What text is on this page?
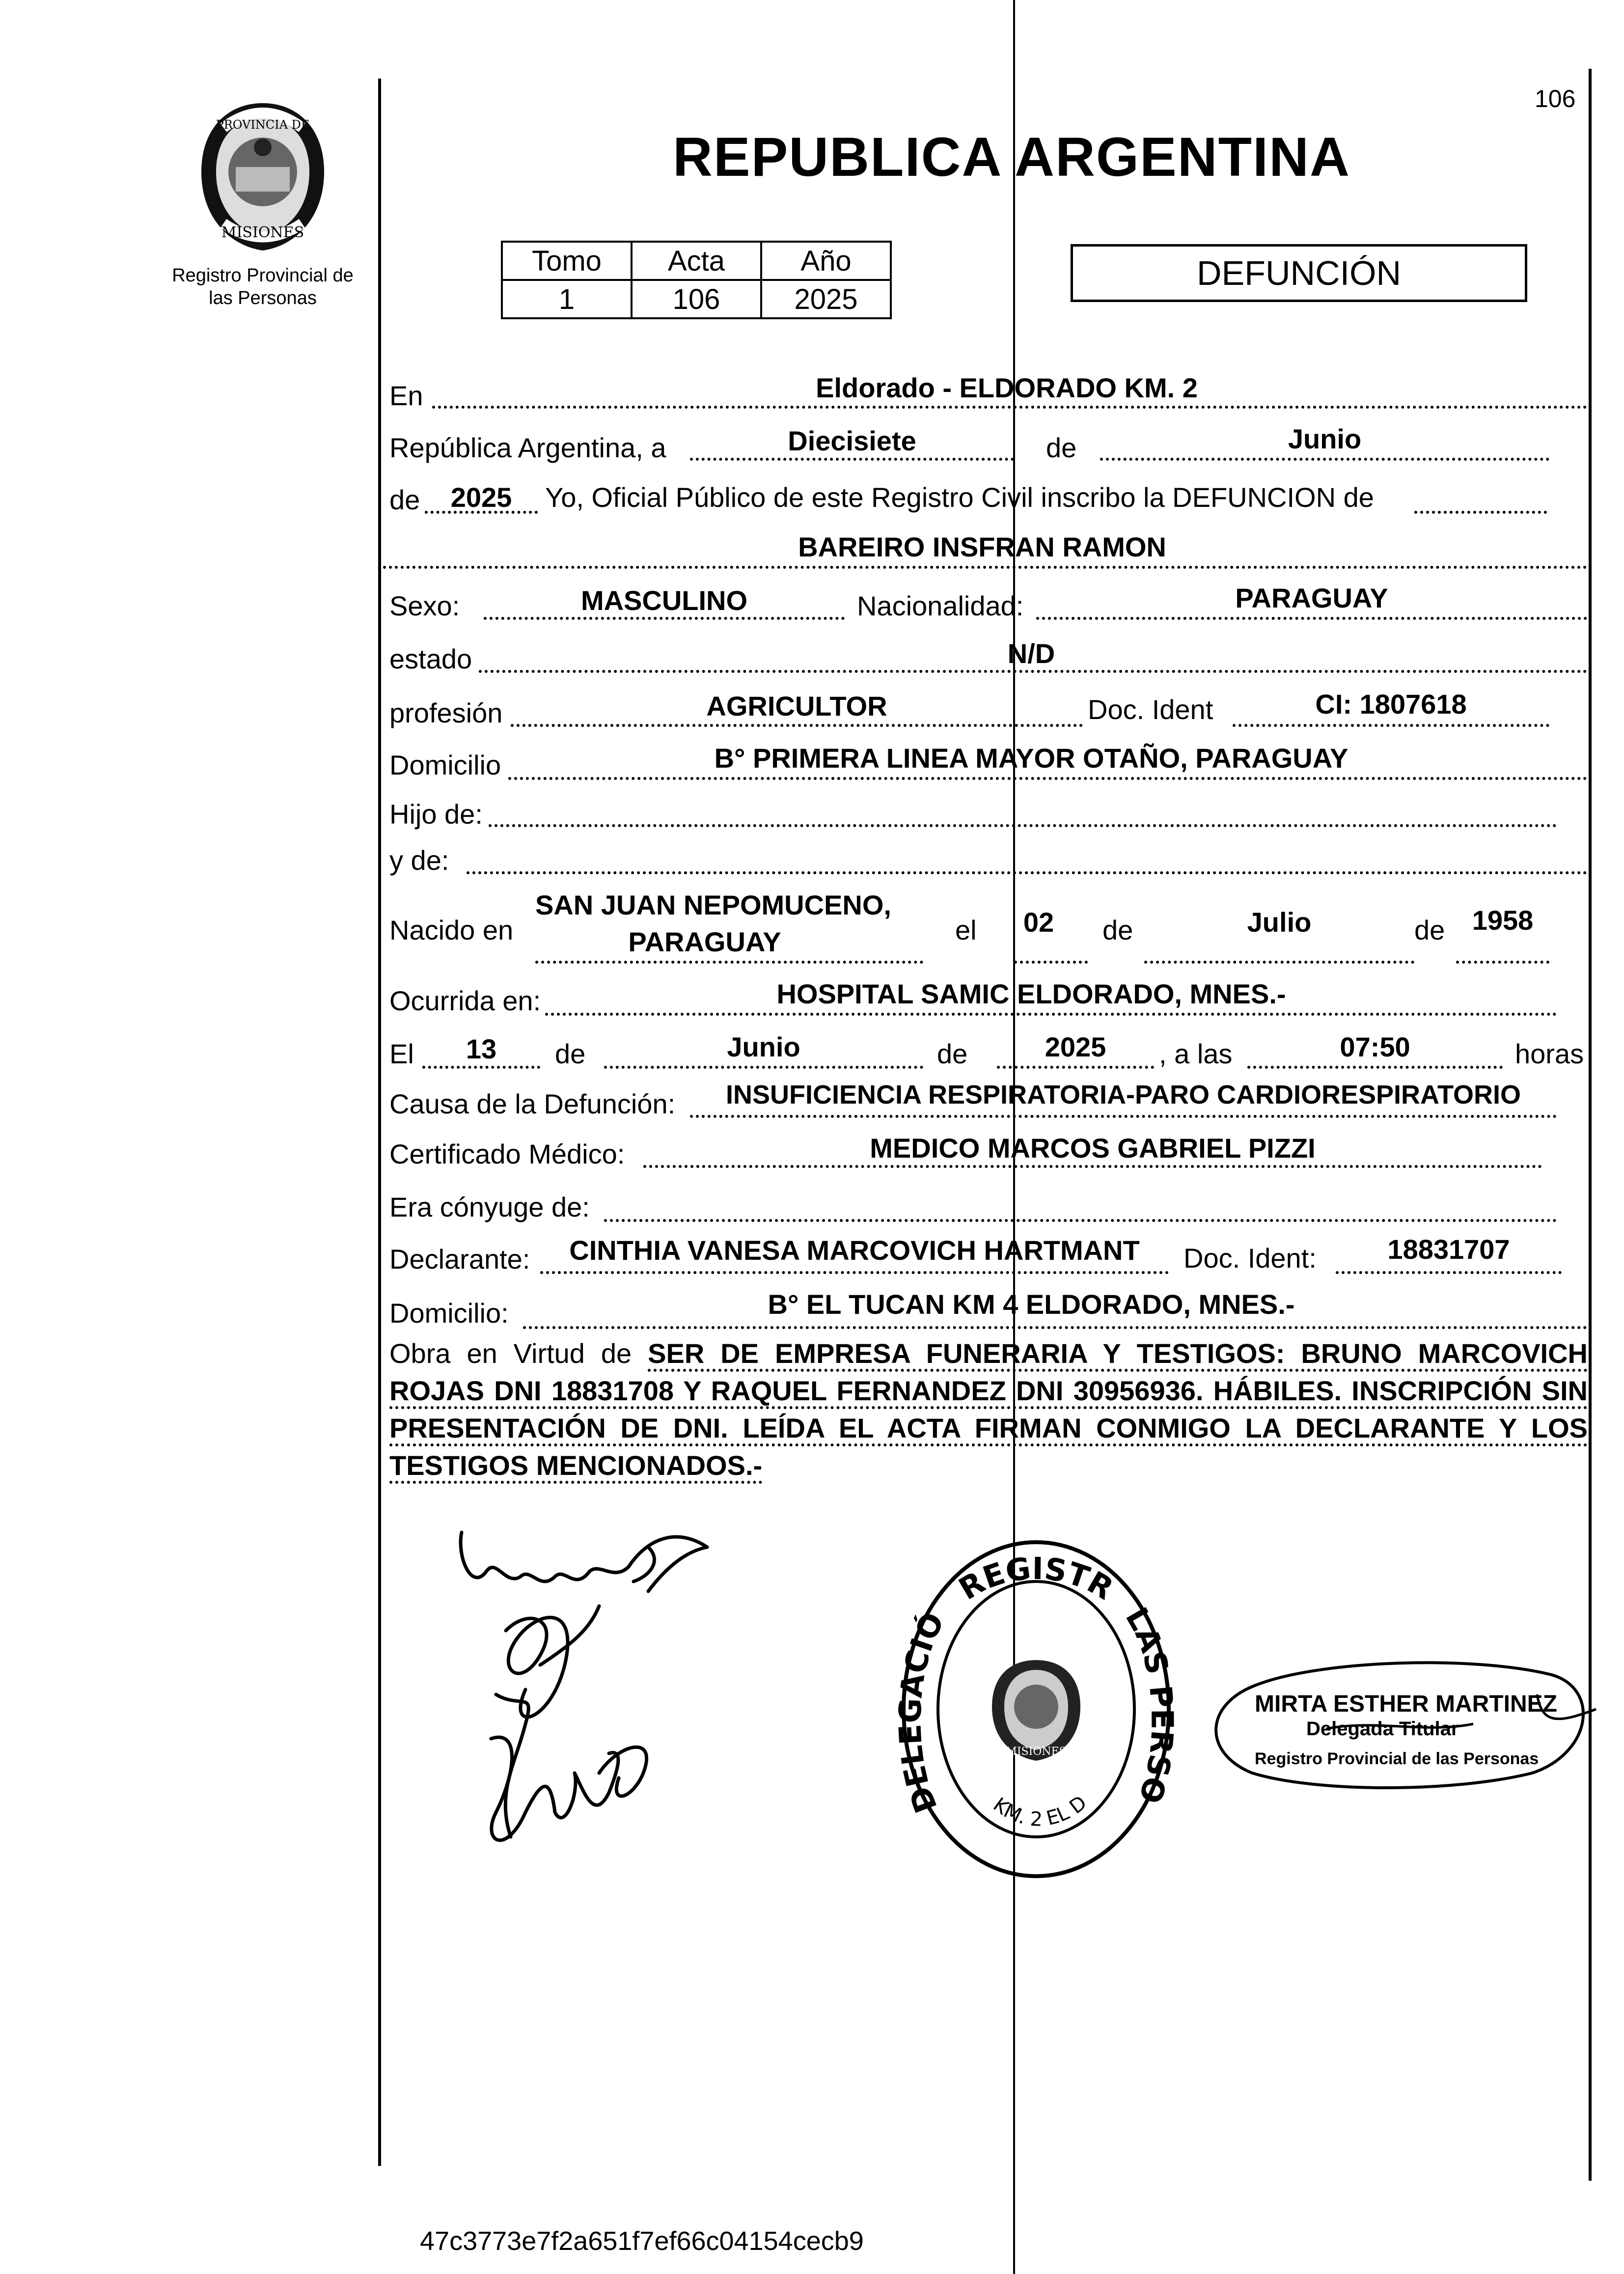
106
PROVINCIA DE
MISIONES
Registro Provincial de
las Personas
REPUBLICA ARGENTINA
Tomo	Acta	Año
1	106	2025
DEFUNCIÓN
En	Eldorado - ELDORADO KM. 2
República Argentina, a	Diecisiete	de	Junio
de	2025	Yo, Oficial Público de este Registro Civil inscribo la DEFUNCION de
BAREIRO INSFRAN RAMON
Sexo:	MASCULINO	Nacionalidad:	PARAGUAY
estado	N/D
profesión	AGRICULTOR	Doc. Ident	CI: 1807618
Domicilio	B° PRIMERA LINEA MAYOR OTAÑO, PARAGUAY
Hijo de:
y de:
Nacido en
SAN JUAN NEPOMUCENO,
PARAGUAY	el	02	de	Julio	de 1958
Ocurrida en:	HOSPITAL SAMIC ELDORADO, MNES.-
El	13	de	Junio	de	2025	, a las	07:50	horas
Causa de la Defunción:	INSUFICIENCIA RESPIRATORIA-PARO CARDIORESPIRATORIO
Certificado Médico:	MEDICO MARCOS GABRIEL PIZZI
Era cónyuge de:
Declarante:	CINTHIA VANESA MARCOVICH HARTMANT	Doc. Ident:	18831707
Domicilio:	B° EL TUCAN KM 4 ELDORADO, MNES.-
Obra en Virtud de SER DE EMPRESA FUNERARIA Y TESTIGOS: BRUNO MARCOVICH ROJAS DNI 18831708 Y RAQUEL FERNANDEZ DNI 30956936. HÁBILES. INSCRIPCIÓN SIN PRESENTACIÓN DE DNI. LEÍDA EL ACTA FIRMAN CONMIGO LA DECLARANTE Y LOS TESTIGOS MENCIONADOS.-
DELEGACIÓ
REGISTR
LAS PERSO
KM. 2 EL D
MISIONES
MIRTA ESTHER MARTINEZ
Delegada Titular
Registro Provincial de las Personas
47c3773e7f2a651f7ef66c04154cecb9
